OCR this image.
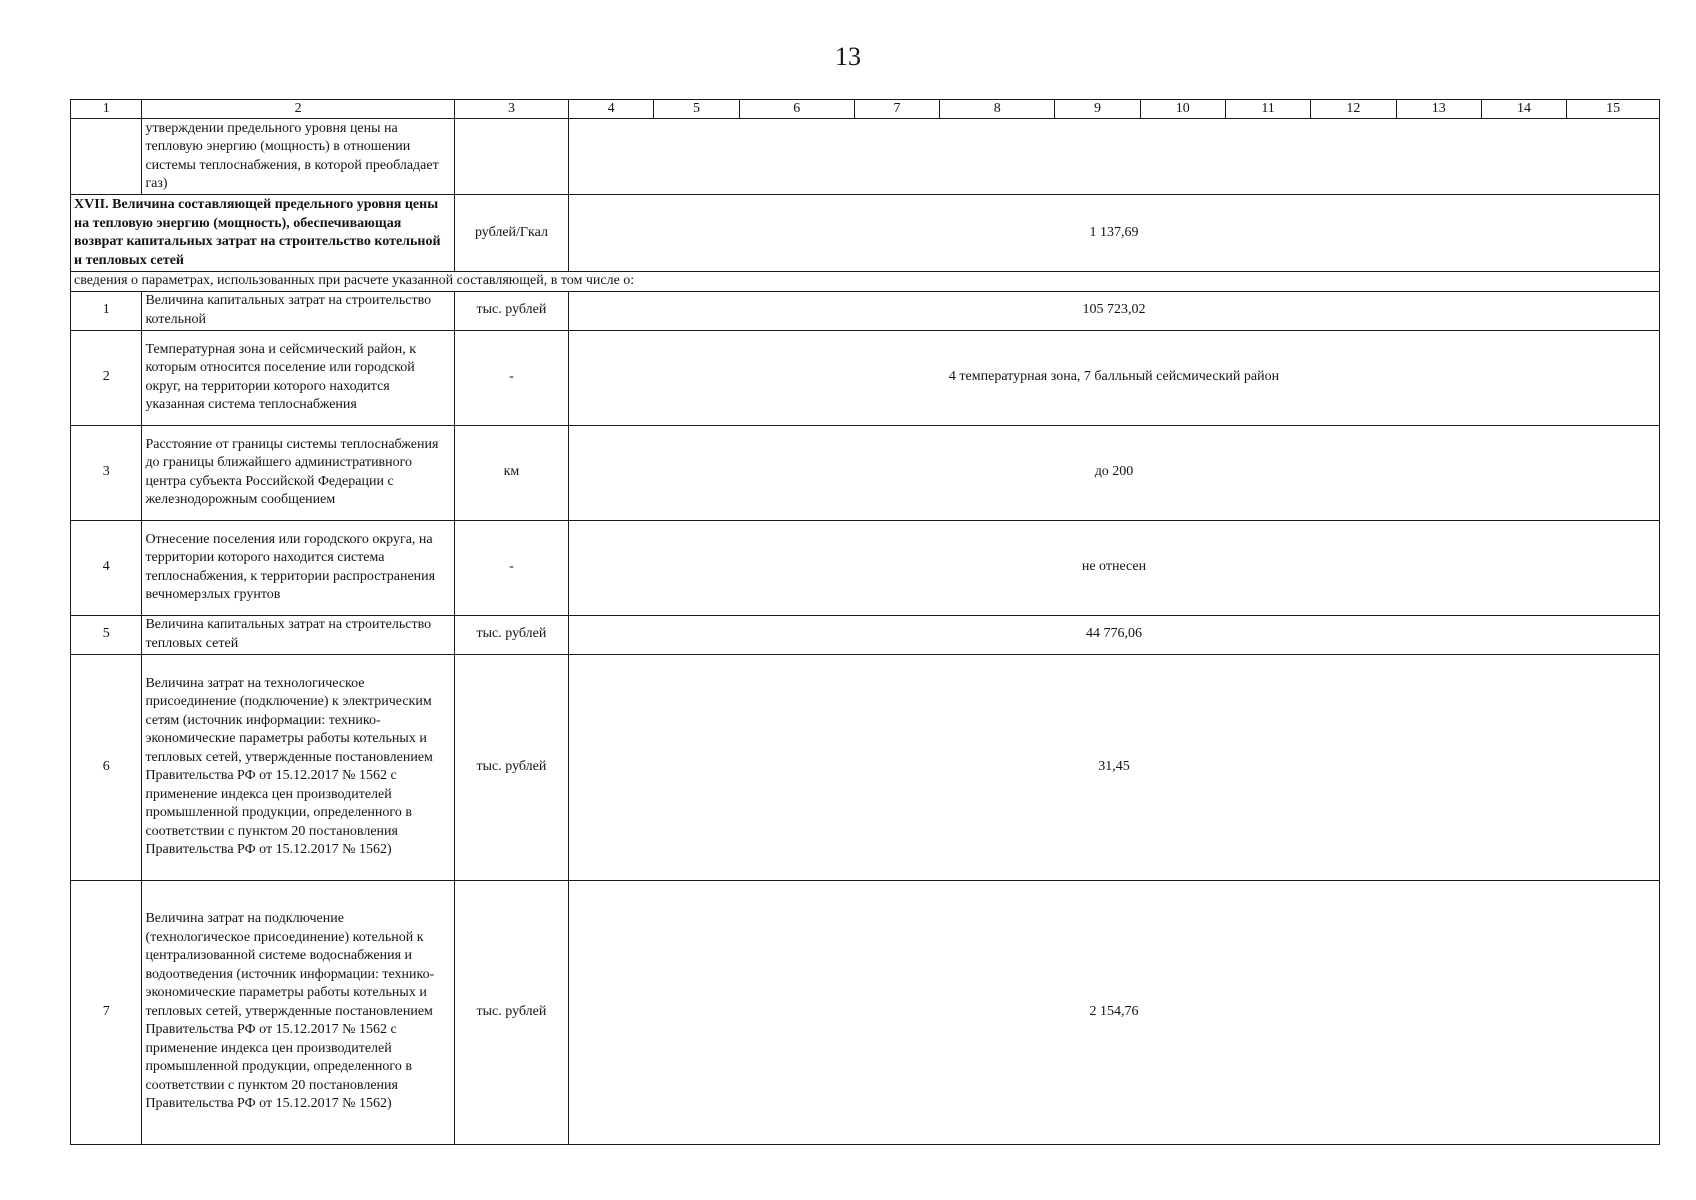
13
1	2	3	4	5	6	7	8	9	10	11	12	13	14	15
	утверждении предельного уровня цены на тепловую энергию (мощность) в отношении системы теплоснабжения, в которой преобладает газ)													
XVII. Величина составляющей предельного уровня цены на тепловую энергию (мощность), обеспечивающая возврат капитальных затрат на строительство котельной и тепловых сетей		рублей/Гкал	1 137,69											
сведения о параметрах, использованных при расчете указанной составляющей, в том числе о:														
1	Величина капитальных затрат на строительство котельной	тыс. рублей	105 723,02											
2	Температурная зона и сейсмический район, к которым относится поселение или городской округ, на территории которого находится указанная система теплоснабжения	-	4 температурная зона, 7 балльный сейсмический район											
3	Расстояние от границы системы теплоснабжения до границы ближайшего административного центра субъекта Российской Федерации с железнодорожным сообщением	км	до 200											
4	Отнесение поселения или городского округа, на территории которого находится система теплоснабжения, к территории распространения вечномерзлых грунтов	-	не отнесен											
5	Величина капитальных затрат на строительство тепловых сетей	тыс. рублей	44 776,06											
6	Величина затрат на технологическое присоединение (подключение) к электрическим сетям (источник информации: технико-экономические параметры работы котельных и тепловых сетей, утвержденные постановлением Правительства РФ от 15.12.2017 № 1562 с применение индекса цен производителей промышленной продукции, определенного в соответствии с пунктом 20 постановления Правительства РФ от 15.12.2017 № 1562)	тыс. рублей	31,45											
7	Величина затрат на подключение (технологическое присоединение) котельной к централизованной системе водоснабжения и водоотведения (источник информации: технико-экономические параметры работы котельных и тепловых сетей, утвержденные постановлением Правительства РФ от 15.12.2017 № 1562 с применение индекса цен производителей промышленной продукции, определенного в соответствии с пунктом 20 постановления Правительства РФ от 15.12.2017 № 1562)	тыс. рублей	2 154,76											
